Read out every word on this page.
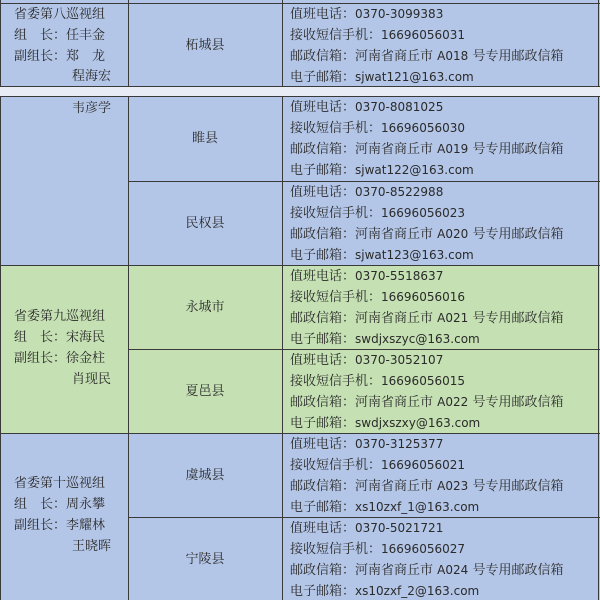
省委第八巡视组
组　长：任丰金
副组长：郑　龙
程海宏
韦彦学
省委第九巡视组
组　长：宋海民
副组长：徐金柱
肖现民
省委第十巡视组
组　长：周永攀
副组长：李耀林
王晓晖
柘城县
值班电话：0370-3099383
接收短信手机：16696056031
邮政信箱：河南省商丘市 A018 号专用邮政信箱
电子邮箱：sjwat121@163.com
睢县
值班电话：0370-8081025
接收短信手机：16696056030
邮政信箱：河南省商丘市 A019 号专用邮政信箱
电子邮箱：sjwat122@163.com
民权县
值班电话：0370-8522988
接收短信手机：16696056023
邮政信箱：河南省商丘市 A020 号专用邮政信箱
电子邮箱：sjwat123@163.com
永城市
值班电话：0370-5518637
接收短信手机：16696056016
邮政信箱：河南省商丘市 A021 号专用邮政信箱
电子邮箱：swdjxszyc@163.com
夏邑县
值班电话：0370-3052107
接收短信手机：16696056015
邮政信箱：河南省商丘市 A022 号专用邮政信箱
电子邮箱：swdjxszxy@163.com
虞城县
值班电话：0370-3125377
接收短信手机：16696056021
邮政信箱：河南省商丘市 A023 号专用邮政信箱
电子邮箱：xs10zxf_1@163.com
宁陵县
值班电话：0370-5021721
接收短信手机：16696056027
邮政信箱：河南省商丘市 A024 号专用邮政信箱
电子邮箱：xs10zxf_2@163.com
